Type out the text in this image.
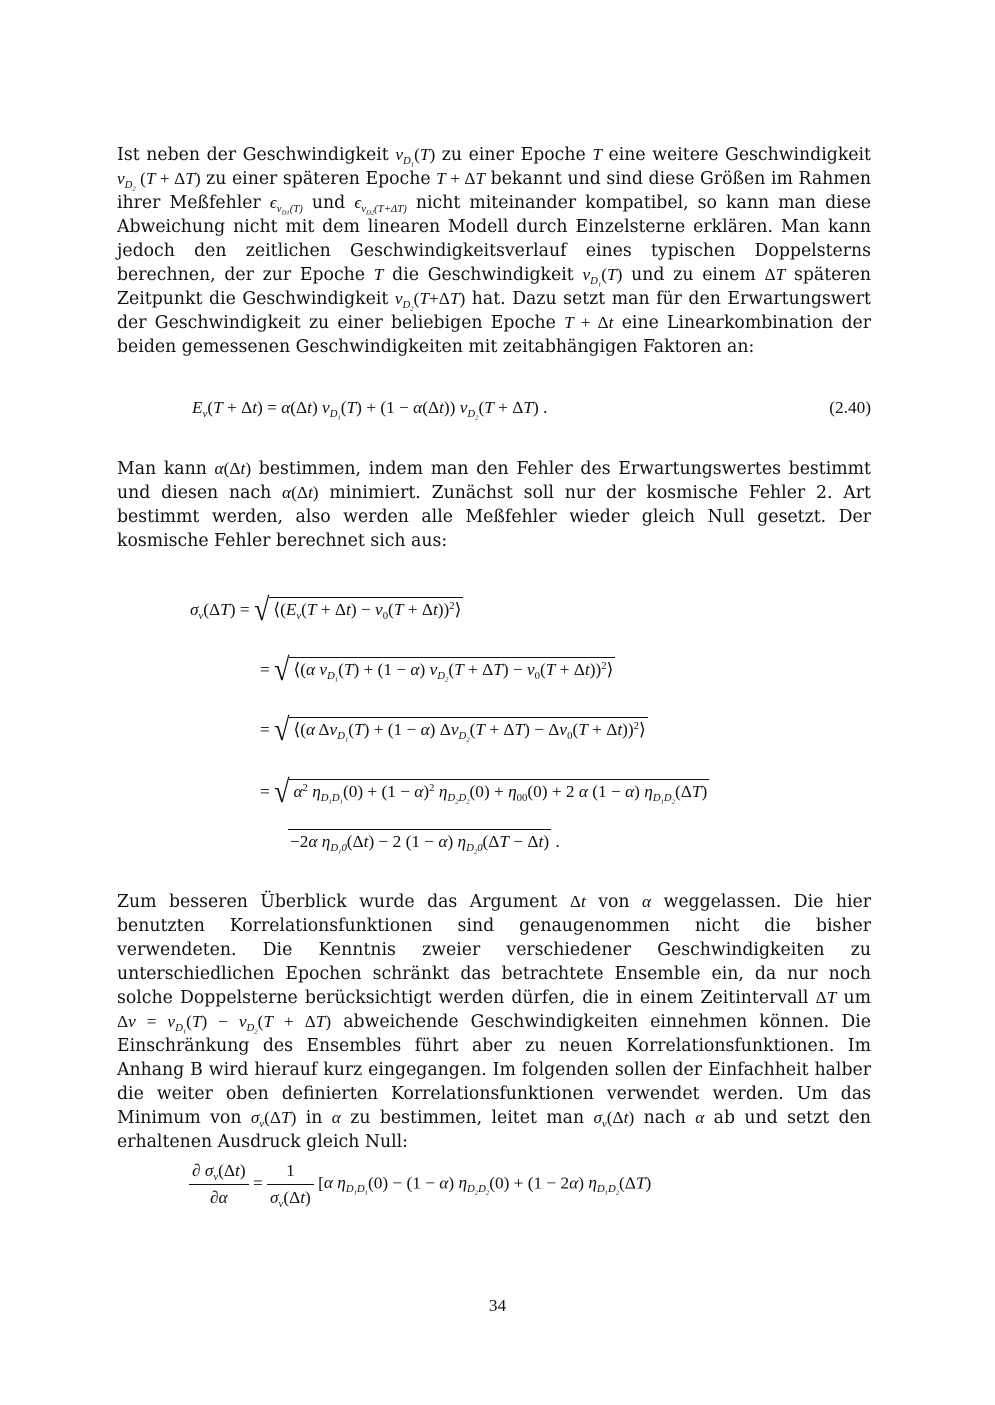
Ist neben der Geschwindigkeit $v_{D_1}(T)$ zu einer Epoche T eine weitere Geschwindigkeit $v_{D_2}$ (T + ΔT) zu einer späteren Epoche T + ΔT bekannt und sind diese Größen im Rahmen ihrer Meßfehler $\epsilon_{v_{D1}(T)}$ und $\epsilon_{v_{D2}(T+\Delta T)}$ nicht miteinander kompatibel, so kann man diese Abweichung nicht mit dem linearen Modell durch Einzelsterne erklären. Man kann jedoch den zeitlichen Geschwindigkeitsverlauf eines typischen Doppelsterns berechnen, der zur Epoche T die Geschwindigkeit $v_{D_1}(T)$ und zu einem ΔT späteren Zeitpunkt die Geschwindigkeit $v_{D_2}(T+\Delta T)$ hat. Dazu setzt man für den Erwartungswert der Geschwindigkeit zu einer beliebigen Epoche T + Δt eine Linearkombination der beiden gemessenen Geschwindigkeiten mit zeitabhängigen Faktoren an:

$E_v(T + \Delta t) = \alpha(\Delta t) v_{D_1}(T) + (1 - \alpha(\Delta t)) v_{D_2}(T + \Delta T)$ .	(2.40)

Man kann α(Δt) bestimmen, indem man den Fehler des Erwartungswertes bestimmt und diesen nach α(Δt) minimiert. Zunächst soll nur der kosmische Fehler 2. Art bestimmt werden, also werden alle Meßfehler wieder gleich Null gesetzt. Der kosmische Fehler berechnet sich aus:

$\sigma_v(\Delta T)$ = √ $⟨(E_v(T + \Delta t) - v_0(T$ + Δt))$^2$⟩
= √ ⟨(α $v_{D_1}(T) + (1 - \alpha) v_{D_2}(T + \Delta T) - v_0(T$ + Δt))$^2$⟩
= √ ⟨(α $\Delta v_{D_1}(T) + (1 - \alpha) \Delta v_{D_2}(T + \Delta T) - \Delta v_0(T$ + Δt))$^2$⟩
= √ $\alpha^2$ $\eta_{D_1D_1}(0) + (1 - \alpha)^2$ $\eta_{D_2D_2}(0) + \eta_{00}(0) + 2$ α (1 − α) $\eta_{D_1D_2}(\Delta T)$
−2α $\eta_{D_10}(\Delta t) - 2$ (1 − α) $\eta_{D_20}(\Delta T - \Delta t)$ .

Zum besseren Überblick wurde das Argument Δt von α weggelassen. Die hier benutzten Korrelationsfunktionen sind genaugenommen nicht die bisher verwendeten. Die Kenntnis zweier verschiedener Geschwindigkeiten zu unterschiedlichen Epochen schränkt das betrachtete Ensemble ein, da nur noch solche Doppelsterne berücksichtigt werden dürfen, die in einem Zeitintervall ΔT um $\Delta v = v_{D_1}(T) - v_{D_2}(T + \Delta T)$ abweichende Geschwindigkeiten einnehmen können. Die Einschränkung des Ensembles führt aber zu neuen Korrelationsfunktionen. Im Anhang B wird hierauf kurz eingegangen. Im folgenden sollen der Einfachheit halber die weiter oben definierten Korrelationsfunktionen verwendet werden. Um das Minimum von $\sigma_v(\Delta T)$ in α zu bestimmen, leitet man $\sigma_v(\Delta t)$ nach α ab und setzt den erhaltenen Ausdruck gleich Null:

$\frac{\partial \sigma_v(\Delta t)}{\partial\alpha} = \frac{1}{\sigma_v(\Delta t)} [\alpha$ $\eta_{D_1D_1}(0) - (1 - \alpha) \eta_{D_2D_2}(0) + (1 - 2\alpha)$ $\eta_{D_1D_2}(\Delta T)$
34
